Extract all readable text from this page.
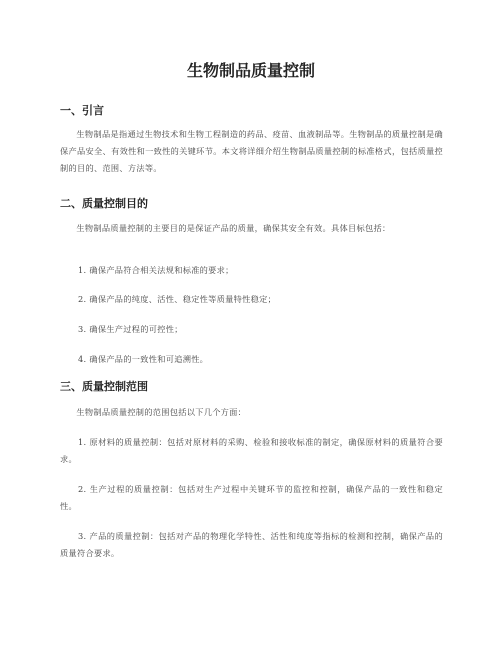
生物制品质量控制
一、引言
生物制品是指通过生物技术和生物工程制造的药品、疫苗、血液制品等。生物制品的质量控制是确保产品安全、有效性和一致性的关键环节。本文将详细介绍生物制品质量控制的标准格式，包括质量控制的目的、范围、方法等。
二、质量控制目的
生物制品质量控制的主要目的是保证产品的质量，确保其安全有效。具体目标包括：
1. 确保产品符合相关法规和标准的要求；
2. 确保产品的纯度、活性、稳定性等质量特性稳定；
3. 确保生产过程的可控性；
4. 确保产品的一致性和可追溯性。
三、质量控制范围
生物制品质量控制的范围包括以下几个方面：
1. 原材料的质量控制：包括对原材料的采购、检验和接收标准的制定，确保原材料的质量符合要求。
2. 生产过程的质量控制：包括对生产过程中关键环节的监控和控制，确保产品的一致性和稳定性。
3. 产品的质量控制：包括对产品的物理化学特性、活性和纯度等指标的检测和控制，确保产品的质量符合要求。
